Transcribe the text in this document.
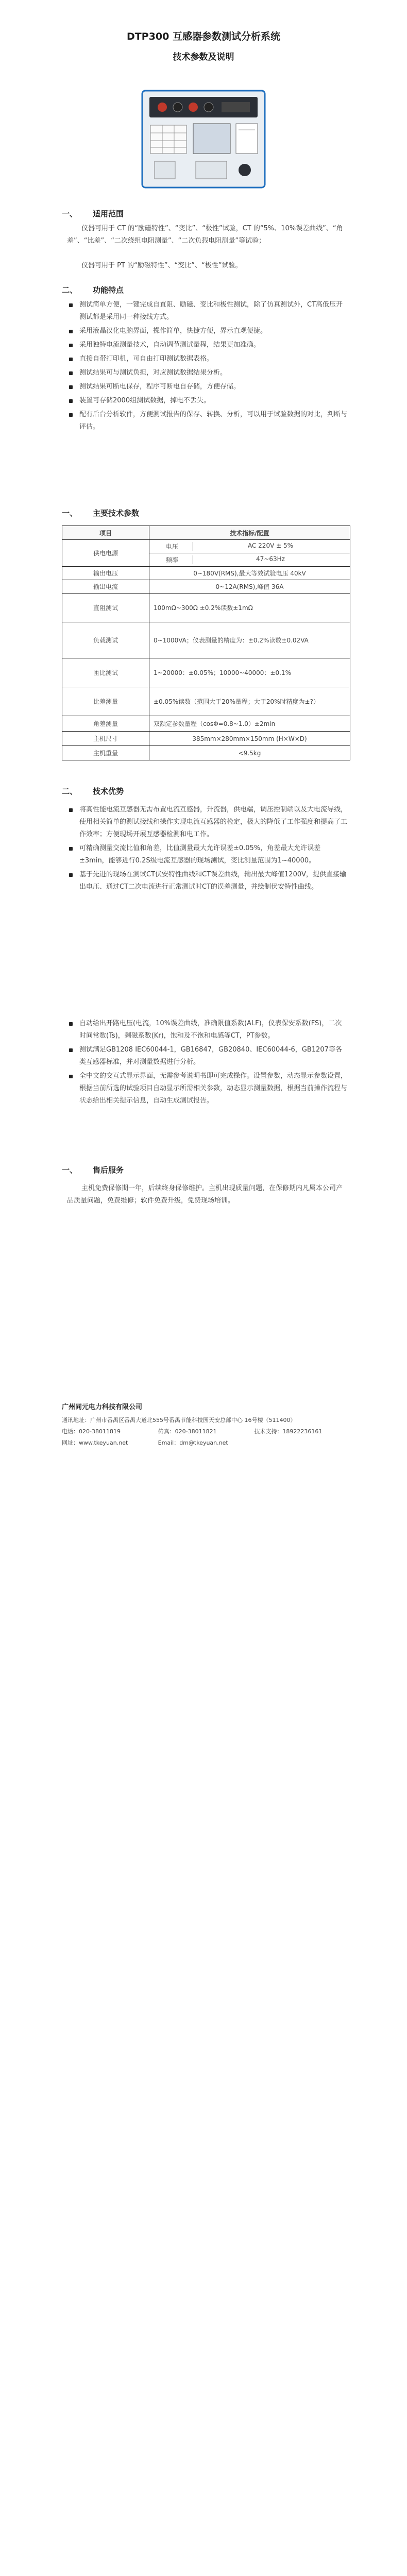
DTP300 互感器参数测试分析系统
技术参数及说明
一、	适用范围
仪器可用于 CT 的“励磁特性”、“变比”、“极性”试验，CT 的“5%、10%误差曲线”、“角差”、“比差”、“二次绕组电阻测量”、“二次负载电阻测量”等试验；
仪器可用于 PT 的“励磁特性”、“变比”、“极性”试验。
二、	功能特点
测试简单方便，一键完成自直阻、励磁、变比和极性测试，除了仿真测试外，CT高低压开测试都是采用同一种接线方式。
采用液晶汉化电脑界面，操作简单，快捷方便，界示直观便捷。
采用独特电流测量技术，自动调节测试量程，结果更加准确。
直接自带打印机，可自由打印测试数据表格。
测试结果可与测试负担，对应测试数据结果分析。
测试结果可断电保存，程序可断电自存储，方便存储。
装置可存储2000组测试数据，掉电不丢失。
配有后台分析软件，方便测试报告的保存、转换、分析，可以用于试验数据的对比，判断与评估。
一、	主要技术参数
项目	技术指标/配置

供电电源	电压 AC 220V ± 5%

	频率 47~63Hz

输出电压	0~180V(RMS),最大等效试验电压 40kV
输出电流	0~12A(RMS),峰值 36A
直阻测试	100mΩ~300Ω ±0.2%读数±1mΩ
负载测试	0~1000VA；仪表测量的精度为：±0.2%读数±0.02VA
匝比测试	1~20000：±0.05%；10000~40000：±0.1%
比差测量	±0.05%读数（范围大于20%量程；大于20%时精度为±?）
角差测量	双额定参数量程（cosΦ=0.8~1.0）±2min
主机尺寸	385mm×280mm×150mm (H×W×D)
主机重量	<9.5kg
二、	技术优势
将高性能电流互感器无需布置电流互感器，升流器，供电端，调压控制端以及大电流导线，使用相关简单的测试接线和操作实现电流互感器的检定，极大的降低了工作强度和提高了工作效率；方便现场开展互感器检测和电工作。
可精确测量交流比值和角差，比值测量最大允许误差±0.05%，角差最大允许误差±3min，能够进行0.2S级电流互感器的现场测试，变比测量范围为1~40000。
基于先进的现场在测试CT伏安特性曲线和CT误差曲线，输出最大峰值1200V，提供直接输出电压、通过CT二次电流进行正常测试时CT的误差测量，并绘制伏安特性曲线。
自动给出开路电压(电流，10%误差曲线，准确限值系数(ALF)，仪表保安系数(FS)，二次时间常数(Ts)，剩磁系数(Kr)，饱和及不饱和电感等CT，PT参数。
测试满足GB1208 IEC60044-1，GB16847，GB20840、IEC60044-6，GB1207等各类互感器标准，并对测量数据进行分析。
全中文的交互式显示界面，无需参考说明书即可完成操作。设置参数，动态显示参数设置，根据当前所选的试验项目自动显示所需相关参数，动态显示测量数据，根据当前操作流程与状态给出相关提示信息，自动生成测试报告。
一、	售后服务
主机免费保修期一年，后续终身保修维护。主机出现质量问题，在保修期内凡属本公司产品质量问题，免费维修；软件免费升级，免费现场培训。
广州同元电力科技有限公司
通讯地址：广州市番禺区番禺大道北555号番禺节能科技园天安总部中心 16号楼（511400）
电话：020-38011819	传真：020-38011821	技术支持：18922236161
网址：www.tkeyuan.net	Email：dm@tkeyuan.net
